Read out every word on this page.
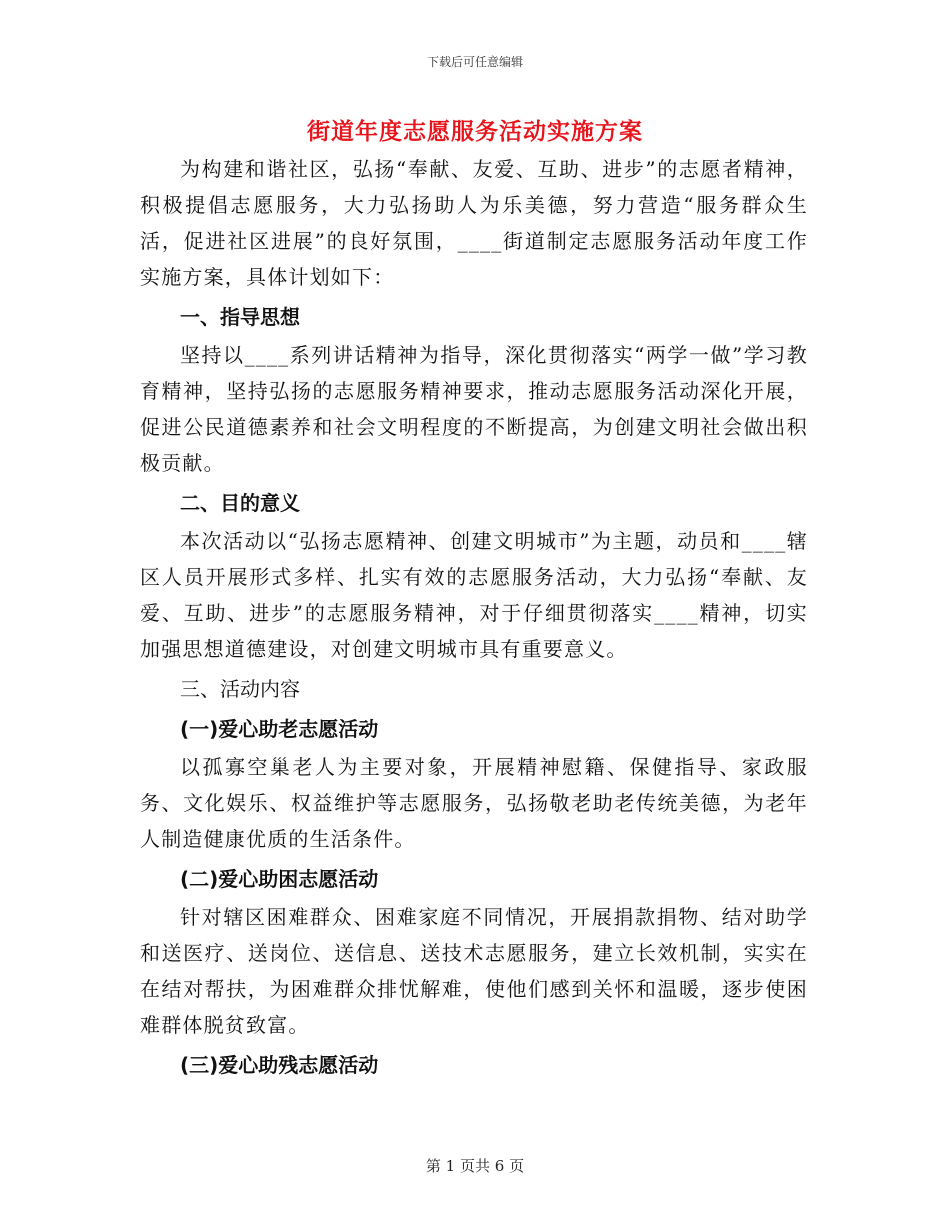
下载后可任意编辑
街道年度志愿服务活动实施方案

为构建和谐社区，弘扬“奉献、友爱、互助、进步”的志愿者精神，积极提倡志愿服务，大力弘扬助人为乐美德，努力营造“服务群众生活，促进社区进展”的良好氛围，____街道制定志愿服务活动年度工作实施方案，具体计划如下：

一、指导思想

坚持以____系列讲话精神为指导，深化贯彻落实“两学一做”学习教育精神，坚持弘扬的志愿服务精神要求，推动志愿服务活动深化开展，促进公民道德素养和社会文明程度的不断提高，为创建文明社会做出积极贡献。

二、目的意义

本次活动以“弘扬志愿精神、创建文明城市”为主题，动员和____辖区人员开展形式多样、扎实有效的志愿服务活动，大力弘扬“奉献、友爱、互助、进步”的志愿服务精神，对于仔细贯彻落实____精神，切实加强思想道德建设，对创建文明城市具有重要意义。

三、活动内容

(一)爱心助老志愿活动

以孤寡空巢老人为主要对象，开展精神慰籍、保健指导、家政服务、文化娱乐、权益维护等志愿服务，弘扬敬老助老传统美德，为老年人制造健康优质的生活条件。

(二)爱心助困志愿活动

针对辖区困难群众、困难家庭不同情况，开展捐款捐物、结对助学和送医疗、送岗位、送信息、送技术志愿服务，建立长效机制，实实在在结对帮扶，为困难群众排忧解难，使他们感到关怀和温暖，逐步使困难群体脱贫致富。

(三)爱心助残志愿活动

第 1 页共 6 页
